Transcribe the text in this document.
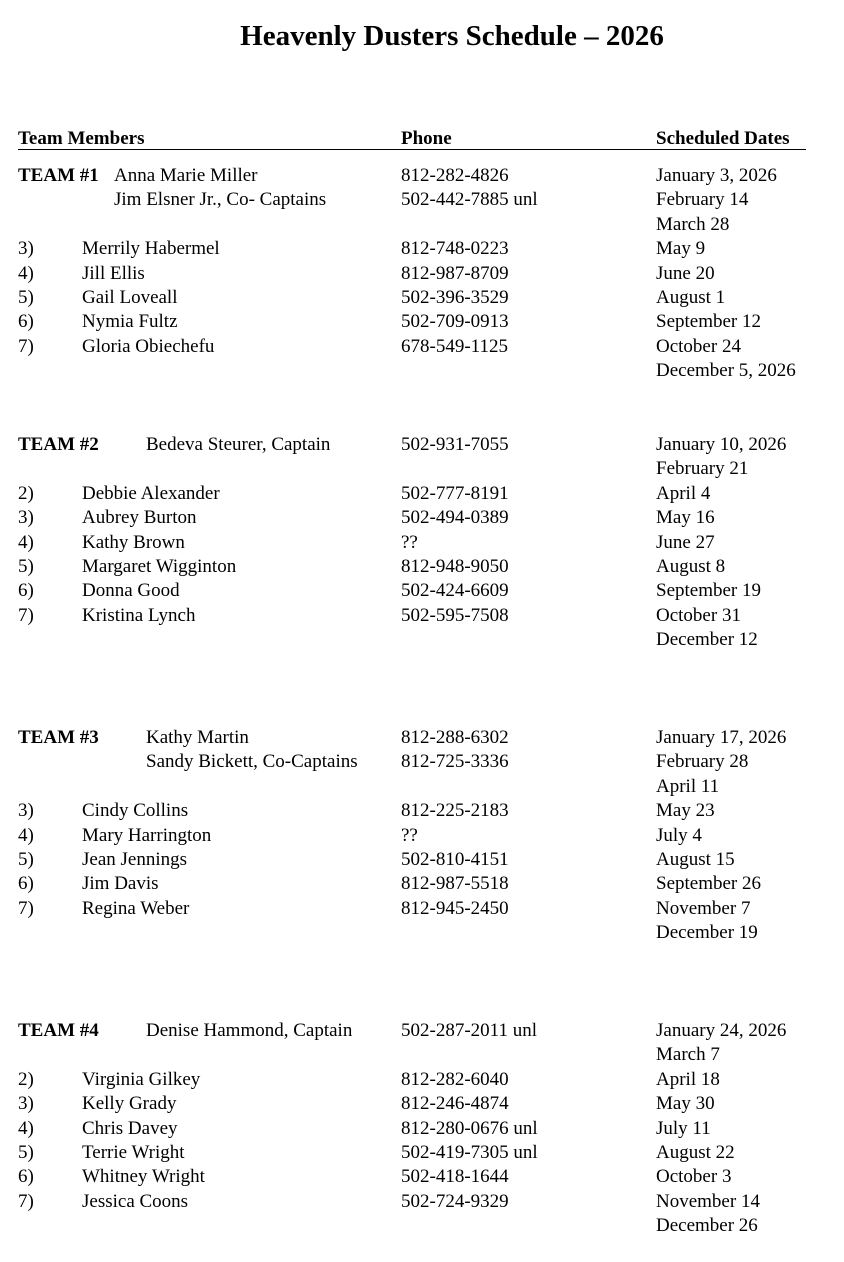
Heavenly Dusters Schedule – 2026
Team Members	Phone	Scheduled Dates
TEAM #1 Anna Marie Miller	812-282-4826	January 3, 2026
Jim Elsner Jr., Co- Captains	502-442-7885 unl	February 14
March 28
3)	Merrily Habermel	812-748-0223	May 9
4)	Jill Ellis	812-987-8709	June 20
5)	Gail Loveall	502-396-3529	August 1
6)	Nymia Fultz	502-709-0913	September 12
7)	Gloria Obiechefu	678-549-1125	October 24
December 5, 2026
TEAM #2 Bedeva Steurer, Captain	502-931-7055	January 10, 2026
February 21
2)	Debbie Alexander	502-777-8191	April 4
3)	Aubrey Burton	502-494-0389	May 16
4)	Kathy Brown	??	June 27
5)	Margaret Wigginton	812-948-9050	August 8
6)	Donna Good	502-424-6609	September 19
7)	Kristina Lynch	502-595-7508	October 31
December 12
TEAM #3 Kathy Martin	812-288-6302	January 17, 2026
Sandy Bickett, Co-Captains 812-725-3336	February 28
April 11
3)	Cindy Collins	812-225-2183	May 23
4)	Mary Harrington	??	July 4
5)	Jean Jennings	502-810-4151	August 15
6)	Jim Davis	812-987-5518	September 26
7)	Regina Weber	812-945-2450	November 7
December 19
TEAM #4 Denise Hammond, Captain	502-287-2011 unl	January 24, 2026
March 7
2)	Virginia Gilkey	812-282-6040	April 18
3)	Kelly Grady	812-246-4874	May 30
4)	Chris Davey	812-280-0676 unl	July 11
5)	Terrie Wright	502-419-7305 unl	August 22
6)	Whitney Wright	502-418-1644	October 3
7)	Jessica Coons	502-724-9329	November 14
December 26
